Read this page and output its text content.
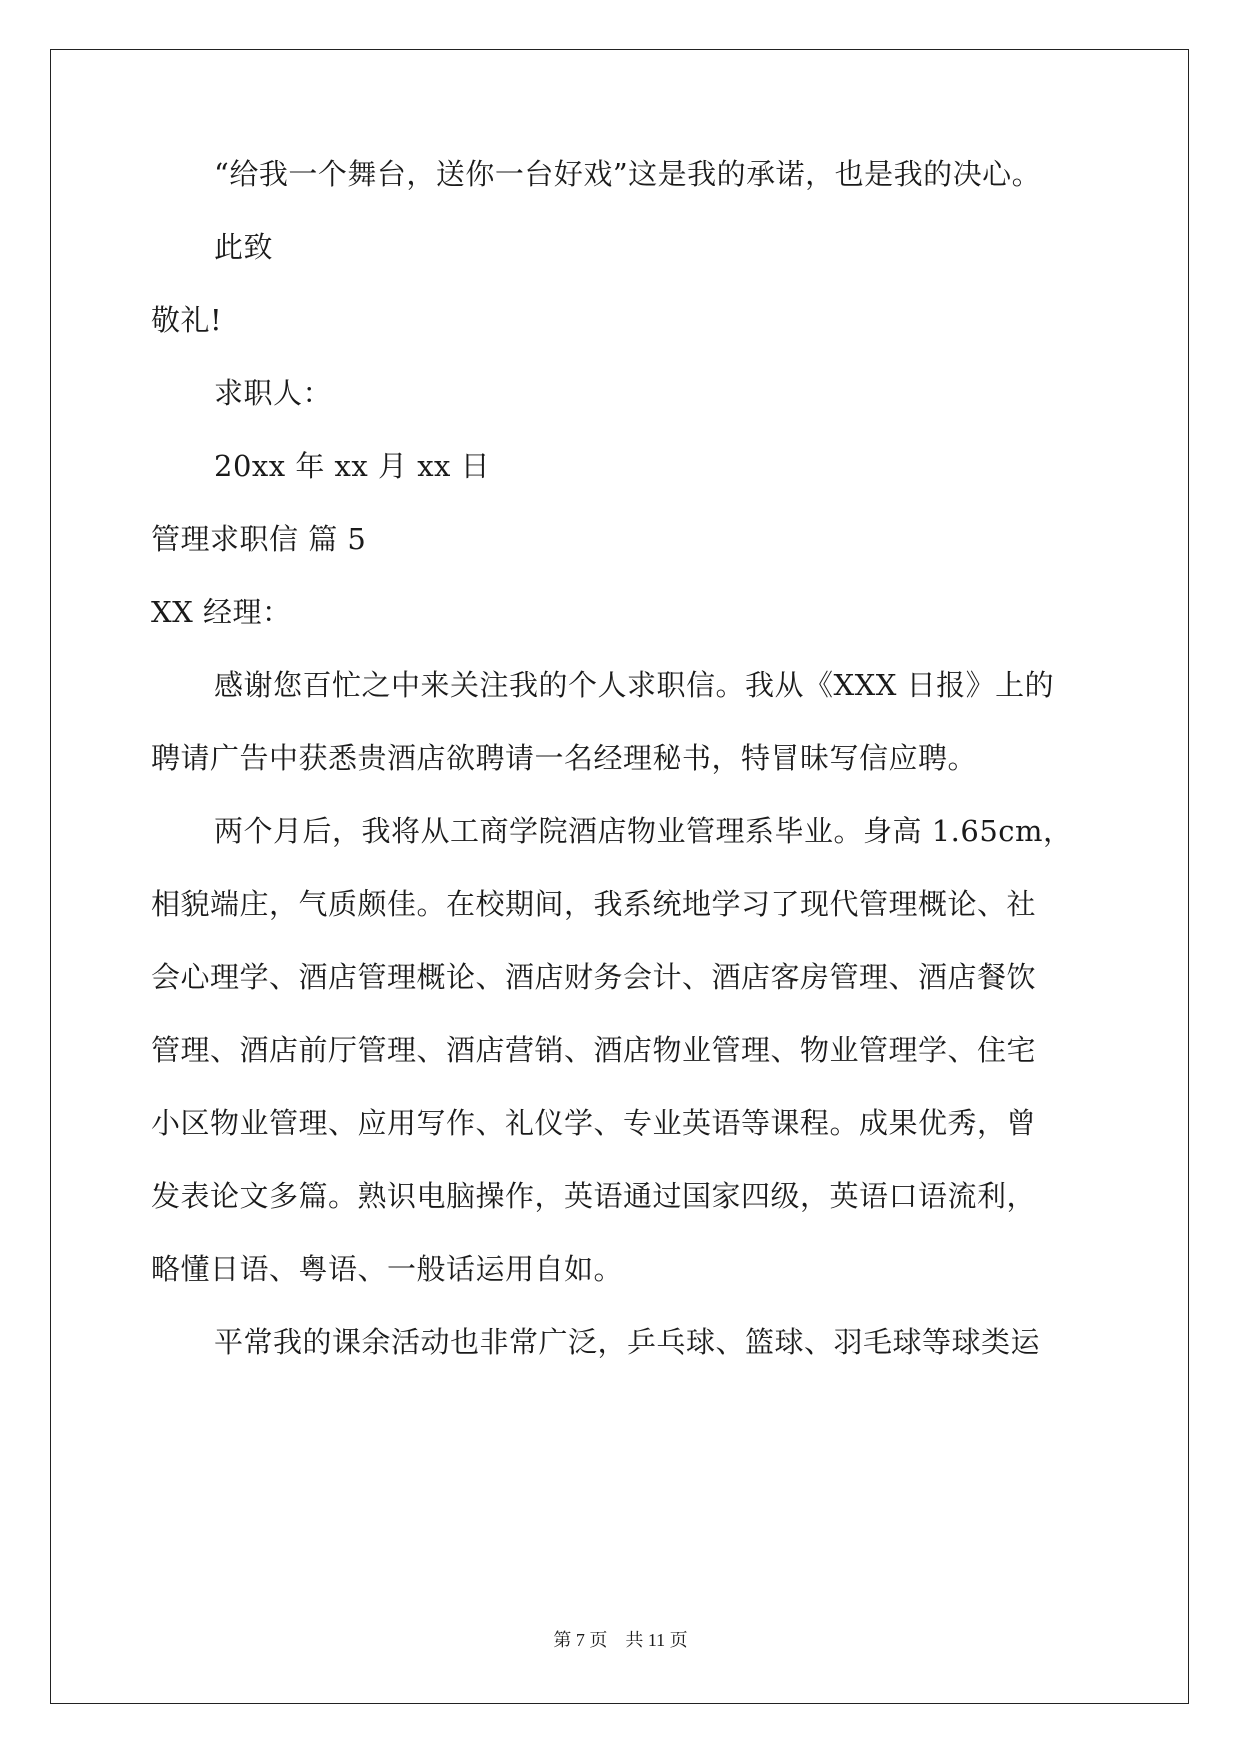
“给我一个舞台，送你一台好戏”这是我的承诺，也是我的决心。
此致
敬礼!
求职人：
20xx 年 xx 月 xx 日
管理求职信 篇 5
XX 经理：
感谢您百忙之中来关注我的个人求职信。我从《XXX 日报》上的
聘请广告中获悉贵酒店欲聘请一名经理秘书，特冒昧写信应聘。
两个月后，我将从工商学院酒店物业管理系毕业。身高 1.65cm，
相貌端庄，气质颇佳。在校期间，我系统地学习了现代管理概论、社
会心理学、酒店管理概论、酒店财务会计、酒店客房管理、酒店餐饮
管理、酒店前厅管理、酒店营销、酒店物业管理、物业管理学、住宅
小区物业管理、应用写作、礼仪学、专业英语等课程。成果优秀，曾
发表论文多篇。熟识电脑操作，英语通过国家四级，英语口语流利，
略懂日语、粤语、一般话运用自如。
平常我的课余活动也非常广泛，乒乓球、篮球、羽毛球等球类运
第 7 页    共 11 页
